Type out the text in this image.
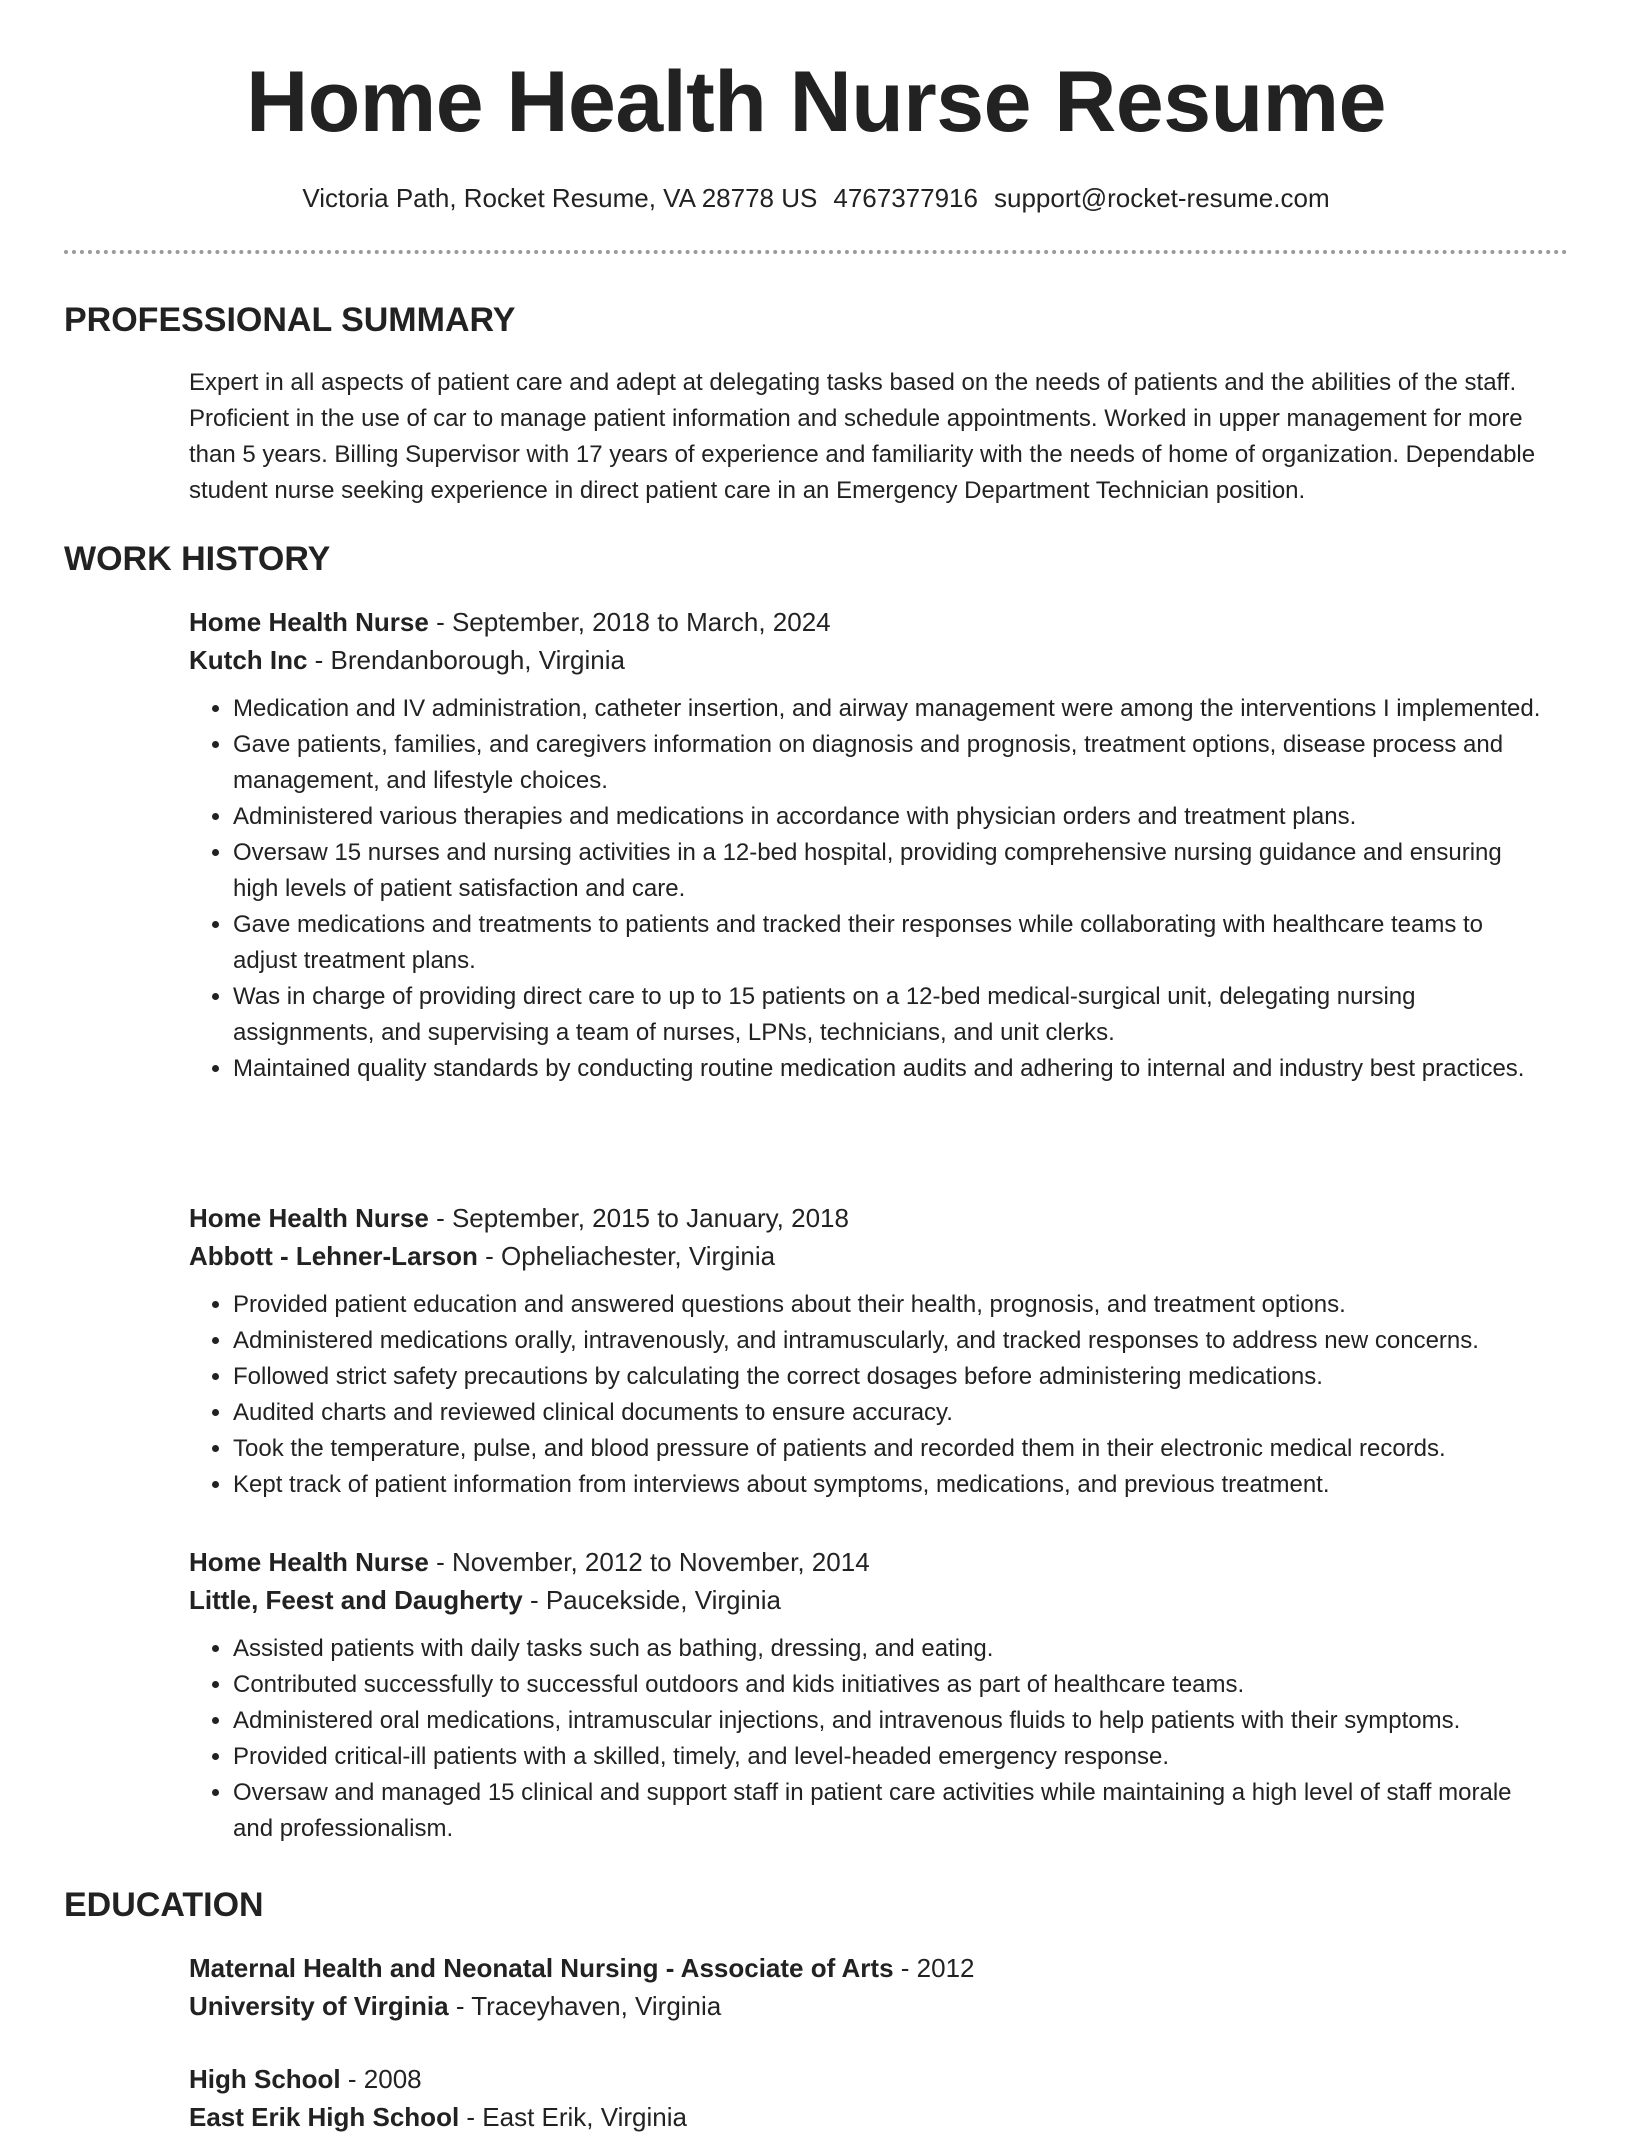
Home Health Nurse Resume
Victoria Path, Rocket Resume, VA 28778 US 4767377916 support@rocket-resume.com
PROFESSIONAL SUMMARY

Expert in all aspects of patient care and adept at delegating tasks based on the needs of patients and the abilities of the staff. Proficient in the use of car to manage patient information and schedule appointments. Worked in upper management for more than 5 years. Billing Supervisor with 17 years of experience and familiarity with the needs of home of organization. Dependable student nurse seeking experience in direct patient care in an Emergency Department Technician position.

WORK HISTORY

Home Health Nurse - September, 2018 to March, 2024

Kutch Inc - Brendanborough, Virginia

• Medication and IV administration, catheter insertion, and airway management were among the interventions I implemented.
• Gave patients, families, and caregivers information on diagnosis and prognosis, treatment options, disease process and management, and lifestyle choices.
• Administered various therapies and medications in accordance with physician orders and treatment plans.
• Oversaw 15 nurses and nursing activities in a 12-bed hospital, providing comprehensive nursing guidance and ensuring high levels of patient satisfaction and care.
• Gave medications and treatments to patients and tracked their responses while collaborating with healthcare teams to adjust treatment plans.
• Was in charge of providing direct care to up to 15 patients on a 12-bed medical-surgical unit, delegating nursing assignments, and supervising a team of nurses, LPNs, technicians, and unit clerks.
• Maintained quality standards by conducting routine medication audits and adhering to internal and industry best practices.

Home Health Nurse - September, 2015 to January, 2018

Abbott - Lehner-Larson - Opheliachester, Virginia

• Provided patient education and answered questions about their health, prognosis, and treatment options.
• Administered medications orally, intravenously, and intramuscularly, and tracked responses to address new concerns.
• Followed strict safety precautions by calculating the correct dosages before administering medications.
• Audited charts and reviewed clinical documents to ensure accuracy.
• Took the temperature, pulse, and blood pressure of patients and recorded them in their electronic medical records.
• Kept track of patient information from interviews about symptoms, medications, and previous treatment.

Home Health Nurse - November, 2012 to November, 2014

Little, Feest and Daugherty - Paucekside, Virginia

• Assisted patients with daily tasks such as bathing, dressing, and eating.
• Contributed successfully to successful outdoors and kids initiatives as part of healthcare teams.
• Administered oral medications, intramuscular injections, and intravenous fluids to help patients with their symptoms.
• Provided critical-ill patients with a skilled, timely, and level-headed emergency response.
• Oversaw and managed 15 clinical and support staff in patient care activities while maintaining a high level of staff morale and professionalism.
EDUCATION

Maternal Health and Neonatal Nursing - Associate of Arts - 2012

University of Virginia - Traceyhaven, Virginia

High School - 2008

East Erik High School - East Erik, Virginia
